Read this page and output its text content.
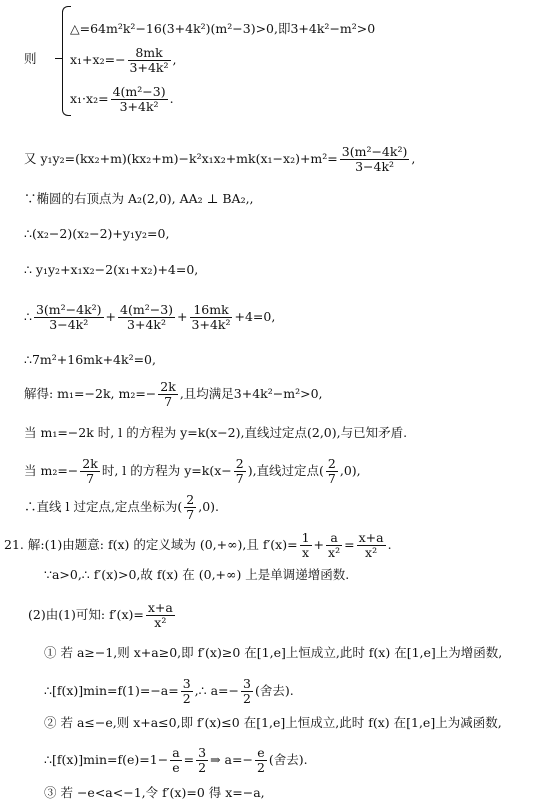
△=64m²k²−16(3+4k²)(m²−3)>0,即3+4k²−m²>0
则	$x_1+x_2=- \frac{8mk}{\text{3+4k²}}$ ,
$x_1\cdot x_2= \frac{\text{4(m²−3)}}{\text{3+4k²}}$ .
又 $y_1y_2=(kx_2+m)(kx_2+m)-k^2x_1x_2+mk(x_1-x_2)+m^2= \frac{\text{3(m²−4k²)}}{\text{3−4k²}}$ ,
∵椭圆的右顶点为 A₂(2,0), AA₂ ⊥ BA₂,,
∴(x₂−2)(x₂−2)+y₁y₂=0,
∴ y₁y₂+x₁x₂−2(x₁+x₂)+4=0,
∴ $\frac{\text{3(m²−4k²)}}{\text{3−4k²}} + \frac{\text{4(m²−3)}}{\text{3+4k²}} + \frac{16mk}{\text{3+4k²}} +4=0$,
∴7m²+16mk+4k²=0,
解得: m₁=−2k, $m_2=- \frac{2k}{7}$ ,且均满足3+4k²−m²>0,
当 m₁=−2k 时, l 的方程为 y=k(x−2),直线过定点(2,0),与已知矛盾.
当 $m_2=- \frac{2k}{7}$ 时, l 的方程为 $y=k(x- \frac{2}{7}$ ),直线过定点( $\frac{2}{7} ,0$),
∴直线 l 过定点,定点坐标为( $\frac{2}{7} ,0$).
21. 解:(1)由题意: f(x) 的定义域为 (0,+∞),且 $f'(x)= \frac{1}{x} + \frac{a}{\text{x²}} = \frac{x+a}{\text{x²}}$ .
∵a>0,∴ f′(x)>0,故 f(x) 在 (0,+∞) 上是单调递增函数.
(2)由(1)可知: $f'(x)= \frac{x+a}{\text{x²}}$
① 若 a≥−1,则 x+a≥0,即 f′(x)≥0 在[1,e]上恒成立,此时 f(x) 在[1,e]上为增函数,
∴[f(x)]min=f(1)=−a= $\frac{3}{2}$ ,∴ $a=- \frac{3}{2}$ (舍去).
② 若 a≤−e,则 x+a≤0,即 f′(x)≤0 在[1,e]上恒成立,此时 f(x) 在[1,e]上为减函数,
∴[f(x)]min=f(e)=1− $\frac{a}{e} = \frac{3}{2}$ ⇒ $a=- \frac{e}{2}$ (舍去).
③ 若 −e<a<−1,令 f′(x)=0 得 x=−a,
